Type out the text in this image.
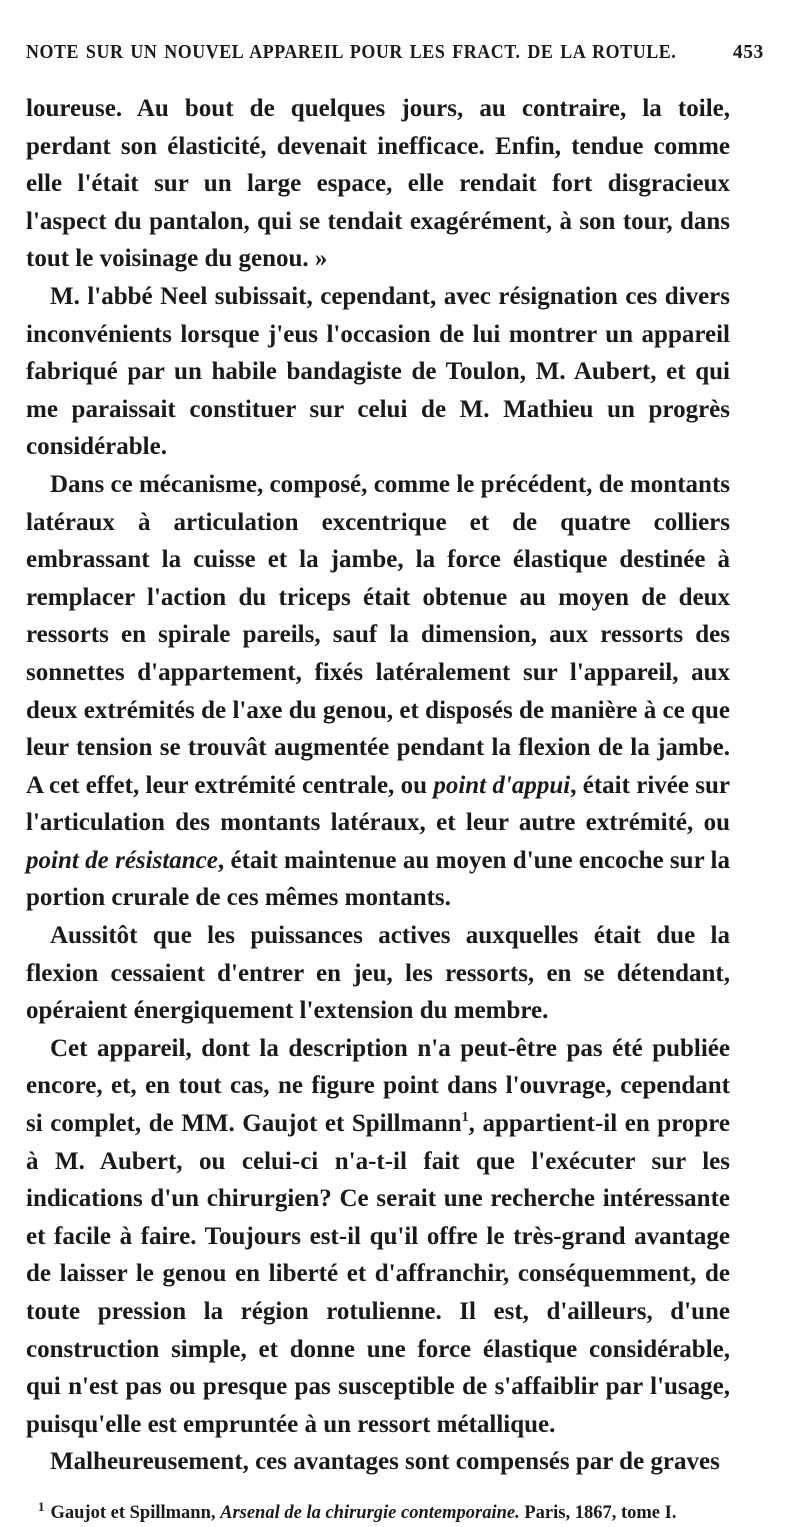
NOTE SUR UN NOUVEL APPAREIL POUR LES FRACT. DE LA ROTULE.	453

loureuse. Au bout de quelques jours, au contraire, la toile, perdant son élasticité, devenait inefficace. Enfin, tendue comme elle l'était sur un large espace, elle rendait fort disgracieux l'aspect du pantalon, qui se tendait exagérément, à son tour, dans tout le voisinage du genou. »

M. l'abbé Neel subissait, cependant, avec résignation ces divers inconvénients lorsque j'eus l'occasion de lui montrer un appareil fabriqué par un habile bandagiste de Toulon, M. Aubert, et qui me paraissait constituer sur celui de M. Mathieu un progrès considérable.

Dans ce mécanisme, composé, comme le précédent, de montants latéraux à articulation excentrique et de quatre colliers embrassant la cuisse et la jambe, la force élastique destinée à remplacer l'action du triceps était obtenue au moyen de deux ressorts en spirale pareils, sauf la dimension, aux ressorts des sonnettes d'appartement, fixés latéralement sur l'appareil, aux deux extrémités de l'axe du genou, et disposés de manière à ce que leur tension se trouvât augmentée pendant la flexion de la jambe. A cet effet, leur extrémité centrale, ou point d'appui, était rivée sur l'articulation des montants latéraux, et leur autre extrémité, ou point de résistance, était maintenue au moyen d'une encoche sur la portion crurale de ces mêmes montants.

Aussitôt que les puissances actives auxquelles était due la flexion cessaient d'entrer en jeu, les ressorts, en se détendant, opéraient énergiquement l'extension du membre.

Cet appareil, dont la description n'a peut-être pas été publiée encore, et, en tout cas, ne figure point dans l'ouvrage, cependant si complet, de MM. Gaujot et Spillmann$^1$, appartient-il en propre à M. Aubert, ou celui-ci n'a-t-il fait que l'exécuter sur les indications d'un chirurgien? Ce serait une recherche intéressante et facile à faire. Toujours est-il qu'il offre le très-grand avantage de laisser le genou en liberté et d'affranchir, conséquemment, de toute pression la région rotulienne. Il est, d'ailleurs, d'une construction simple, et donne une force élastique considérable, qui n'est pas ou presque pas susceptible de s'affaiblir par l'usage, puisqu'elle est empruntée à un ressort métallique.

Malheureusement, ces avantages sont compensés par de graves

$^1$ Gaujot et Spillmann, Arsenal de la chirurgie contemporaine. Paris, 1867, tome I.
